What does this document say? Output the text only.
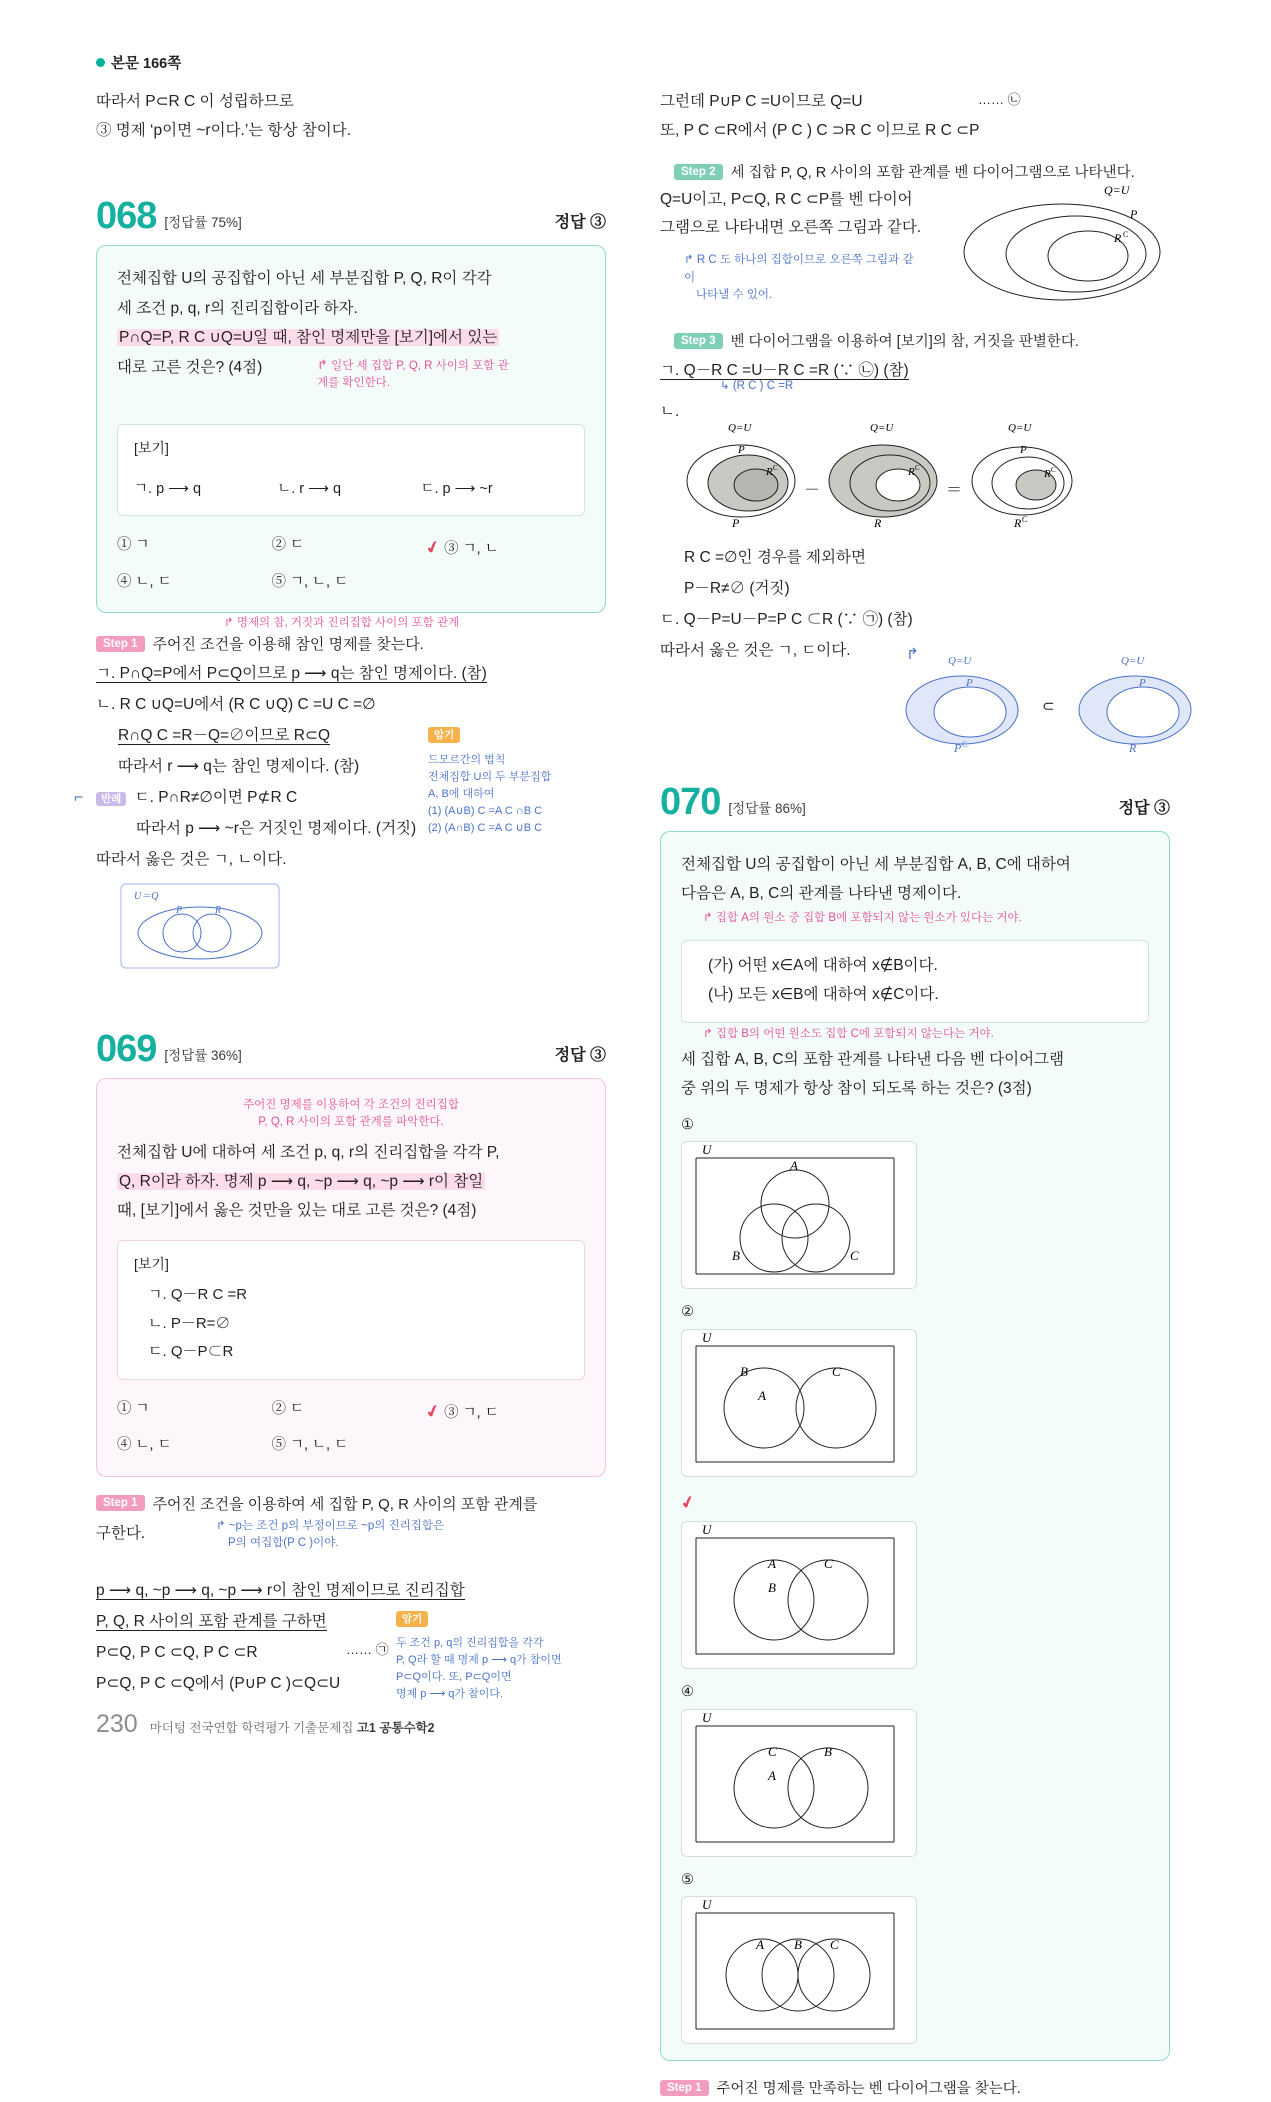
본문 166쪽
따라서 P⊂R C 이 성립하므로
③ 명제 ‘p이면 ~r이다.’는 항상 참이다.
068 [정답률 75%]	정답 ③
전체집합 U의 공집합이 아닌 세 부분집합 P, Q, R이 각각
세 조건 p, q, r의 진리집합이라 하자.
P∩Q=P, R C ∪Q=U일 때, 참인 명제만을 [보기]에서 있는
대로 고른 것은? (4점)	↱ 일단 세 집합 P, Q, R 사이의 포함 관계를 확인한다.
[보기]
ㄱ. p ⟶ q	ㄴ. r ⟶ q	ㄷ. p ⟶ ~r
① ㄱ	② ㄷ	✔ ③ ㄱ, ㄴ
④ ㄴ, ㄷ	⑤ ㄱ, ㄴ, ㄷ
↱ 명제의 참, 거짓과 진리집합 사이의 포함 관계
Step 1	주어진 조건을 이용해 참인 명제를 찾는다.
ㄱ. P∩Q=P에서 P⊂Q이므로 p ⟶ q는 참인 명제이다. (참)
ㄴ. R C ∪Q=U에서 (R C ∪Q) C =U C =∅
R∩Q C =R－Q=∅이므로 R⊂Q	암기
드모르간의 법칙
전체집합 U의 두 부분집합
A, B에 대하여
(1) (A∪B) C =A C ∩B C
(2) (A∩B) C =A C ∪B C
따라서 r ⟶ q는 참인 명제이다. (참)
⌐ 반례 ㄷ. P∩R≠∅이면 P⊄R C
따라서 p ⟶ ~r은 거짓인 명제이다. (거짓)
따라서 옳은 것은 ㄱ, ㄴ이다.
U＝Q
P	R
069 [정답률 36%]	정답 ③
주어진 명제를 이용하여 각 조건의 진리집합
P, Q, R 사이의 포함 관계를 파악한다.
전체집합 U에 대하여 세 조건 p, q, r의 진리집합을 각각 P,
Q, R이라 하자. 명제 p ⟶ q, ~p ⟶ q, ~p ⟶ r이 참일
때, [보기]에서 옳은 것만을 있는 대로 고른 것은? (4점)
[보기]
ㄱ. Q－R C =R
ㄴ. P－R=∅
ㄷ. Q－P⊂R
① ㄱ	② ㄷ	✔ ③ ㄱ, ㄷ
④ ㄴ, ㄷ	⑤ ㄱ, ㄴ, ㄷ
Step 1	주어진 조건을 이용하여 세 집합 P, Q, R 사이의 포함 관계를
구한다.	↱ ~p는 조건 p의 부정이므로 ~p의 진리집합은
P의 여집합(P C )이야.
p ⟶ q, ~p ⟶ q, ~p ⟶ r이 참인 명제이므로 진리집합
P, Q, R 사이의 포함 관계를 구하면	암기
두 조건 p, q의 진리집합을 각각
P, Q라 할 때 명제 p ⟶ q가 참이면
P⊂Q이다. 또, P⊂Q이면
명제 p ⟶ q가 참이다.
P⊂Q, P C ⊂Q, P C ⊂R	…… ㉠
P⊂Q, P C ⊂Q에서 (P∪P C )⊂Q⊂U
그런데 P∪P C =U이므로 Q=U	…… ㉡
또, P C ⊂R에서 (P C ) C ⊃R C 이므로 R C ⊂P
Step 2	세 집합 P, Q, R 사이의 포함 관계를 벤 다이어그램으로 나타낸다.
Q=U이고, P⊂Q, R C ⊂P를 벤 다이어
그램으로 나타내면 오른쪽 그림과 같다.
↱ R C 도 하나의 집합이므로 오른쪽 그림과 같이
나타낼 수 있어.
Q=U
P
R C
Step 3	벤 다이어그램을 이용하여 [보기]의 참, 거짓을 판별한다.
ㄱ. Q－R C =U－R C =R (∵ ㉡) (참)
↳ (R C ) C =R
ㄴ.
Q=U
P
R C
P
－
Q=U
R C
R
＝
Q=U
P
R C
R C
R C =∅인 경우를 제외하면
P－R≠∅ (거짓)
ㄷ. Q－P=U－P=P C ⊂R (∵ ㉠) (참)
따라서 옳은 것은 ㄱ, ㄷ이다.	↱	Q=U
P
P C
⊂
Q=U
P
R
070 [정답률 86%]	정답 ③
전체집합 U의 공집합이 아닌 세 부분집합 A, B, C에 대하여
다음은 A, B, C의 관계를 나타낸 명제이다.
↱ 집합 A의 원소 중 집합 B에 포함되지 않는 원소가 있다는 거야.
(가) 어떤 x∈A에 대하여 x∉B이다.
(나) 모든 x∈B에 대하여 x∉C이다.
↱ 집합 B의 어떤 원소도 집합 C에 포함되지 않는다는 거야.
세 집합 A, B, C의 포함 관계를 나타낸 다음 벤 다이어그램
중 위의 두 명제가 항상 참이 되도록 하는 것은? (3점)
①
U
A
B	C
②
U
B
A
C
✔
U
A
B
C
④
U
C
A
B
⑤
U
A B C
Step 1	주어진 명제를 만족하는 벤 다이어그램을 찾는다.
230 마더텅 전국연합 학력평가 기출문제집 고1 공통수학2
